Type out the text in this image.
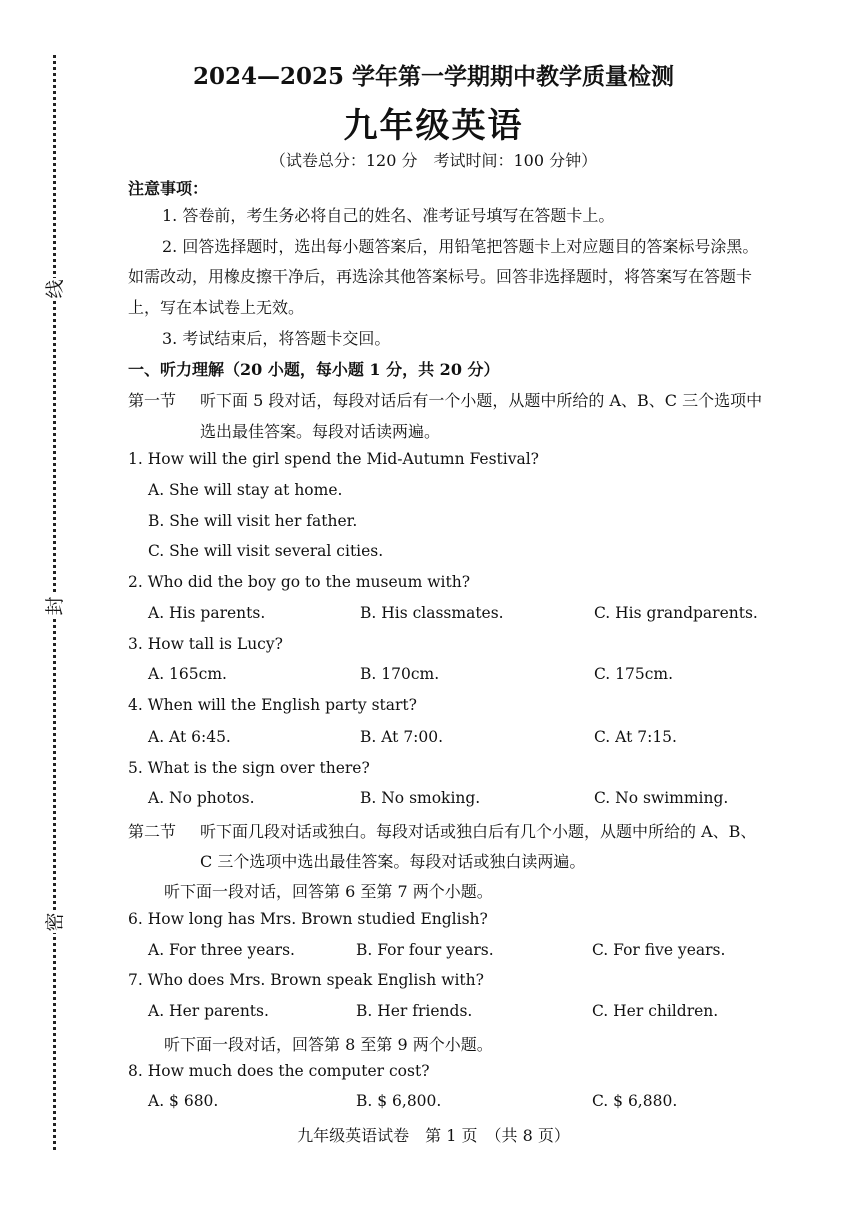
线
封
密
2024—2025 学年第一学期期中教学质量检测
九年级英语
（试卷总分：120 分　考试时间：100 分钟）
注意事项：
1. 答卷前，考生务必将自己的姓名、准考证号填写在答题卡上。
2. 回答选择题时，选出每小题答案后，用铅笔把答题卡上对应题目的答案标号涂黑。
如需改动，用橡皮擦干净后，再选涂其他答案标号。回答非选择题时，将答案写在答题卡
上，写在本试卷上无效。
3. 考试结束后，将答题卡交回。
一、听力理解（20 小题，每小题 1 分，共 20 分）
第一节 听下面 5 段对话，每段对话后有一个小题，从题中所给的 A、B、C 三个选项中
选出最佳答案。每段对话读两遍。
1. How will the girl spend the Mid-Autumn Festival?
A. She will stay at home.
B. She will visit her father.
C. She will visit several cities.
2. Who did the boy go to the museum with?
A. His parents.	B. His classmates.	C. His grandparents.
3. How tall is Lucy?
A. 165cm.	B. 170cm.	C. 175cm.
4. When will the English party start?
A. At 6:45.	B. At 7:00.	C. At 7:15.
5. What is the sign over there?
A. No photos.	B. No smoking.	C. No swimming.
第二节 听下面几段对话或独白。每段对话或独白后有几个小题，从题中所给的 A、B、
C 三个选项中选出最佳答案。每段对话或独白读两遍。
听下面一段对话，回答第 6 至第 7 两个小题。
6. How long has Mrs. Brown studied English?
A. For three years.	B. For four years.	C. For five years.
7. Who does Mrs. Brown speak English with?
A. Her parents.	B. Her friends.	C. Her children.
听下面一段对话，回答第 8 至第 9 两个小题。
8. How much does the computer cost?
A. $ 680.	B. $ 6,800.	C. $ 6,880.
九年级英语试卷　第 1 页　（共 8 页）
